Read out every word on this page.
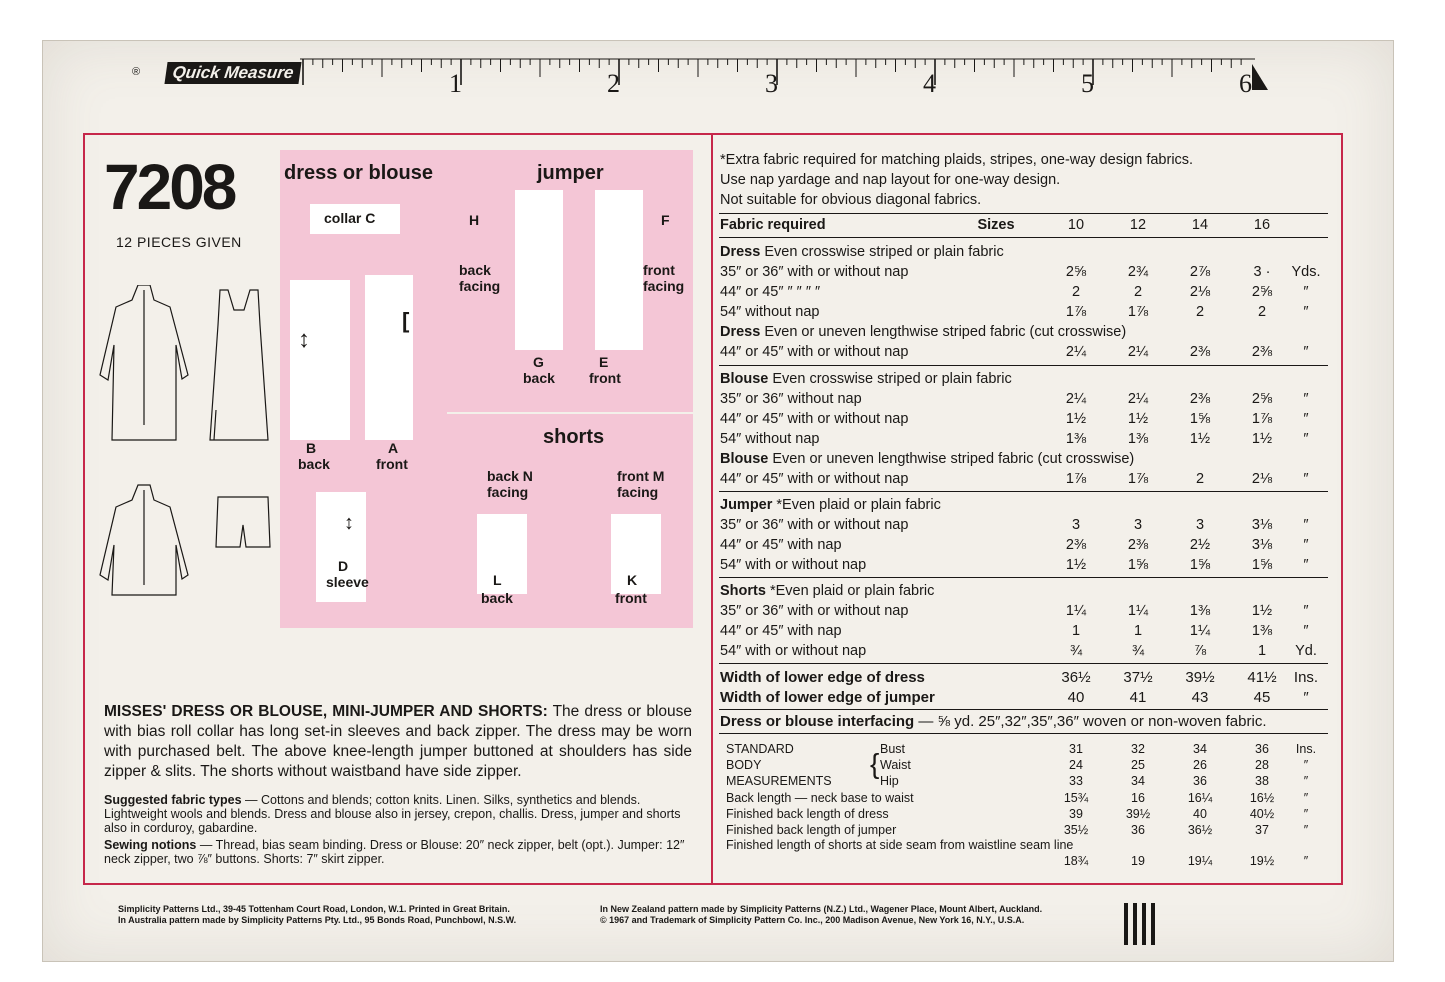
®	Quick Measure	1	2	3	4	5	6
7208
12 PIECES GIVEN
dress or blouse
collar C
↕
[
B
back
A
front
↕
D
sleeve
jumper
H	F
back
facing
front
facing
G
back
E
front
shorts
back N
facing
front M
facing
L
back
K
front
*Extra fabric required for matching plaids, stripes, one-way design fabrics.
Use nap yardage and nap layout for one-way design.
Not suitable for obvious diagonal fabrics.
Fabric required	Sizes	10	12	14	16
Dress Even crosswise striped or plain fabric
35″ or 36″ with or without nap	2⅝	2¾	2⅞	3 ·	Yds.
44″ or 45″ ″ ″ ″ ″	2	2	2⅛	2⅝	″
54″ without nap	1⅞	1⅞	2	2	″
Dress Even or uneven lengthwise striped fabric (cut crosswise)
44″ or 45″ with or without nap	2¼	2¼	2⅜	2⅜	″
Blouse Even crosswise striped or plain fabric
35″ or 36″ without nap	2¼	2¼	2⅜	2⅝	″
44″ or 45″ with or without nap	1½	1½	1⅝	1⅞	″
54″ without nap	1⅜	1⅜	1½	1½	″
Blouse Even or uneven lengthwise striped fabric (cut crosswise)
44″ or 45″ with or without nap	1⅞	1⅞	2	2⅛	″
Jumper *Even plaid or plain fabric
35″ or 36″ with or without nap	3	3	3	3⅛	″
44″ or 45″ with nap	2⅜	2⅜	2½	3⅛	″
54″ with or without nap	1½	1⅝	1⅝	1⅝	″
Shorts *Even plaid or plain fabric
35″ or 36″ with or without nap	1¼	1¼	1⅜	1½	″
44″ or 45″ with nap	1	1	1¼	1⅜	″
54″ with or without nap	¾	¾	⅞	1	Yd.
Width of lower edge of dress	36½	37½	39½	41½	Ins.
Width of lower edge of jumper	40	41	43	45	″
Dress or blouse interfacing — ⅝ yd. 25″,32″,35″,36″ woven or non-woven fabric.
STANDARD
BODY
MEASUREMENTS
{ Bust	31	32	34	36	Ins.
Waist	24	25	26	28	″
Hip	33	34	36	38	″
Back length — neck base to waist	15¾	16	16¼	16½	″
Finished back length of dress	39	39½	40	40½	″
Finished back length of jumper	35½	36	36½	37	″
Finished length of shorts at side seam from waistline seam line
18¾	19	19¼	19½	″
MISSES' DRESS OR BLOUSE, MINI-JUMPER AND SHORTS: The dress or blouse with bias roll collar has long set-in sleeves and back zipper. The dress may be worn with purchased belt. The above knee-length jumper buttoned at shoulders has side zipper & slits. The shorts without waistband have side zipper.
Suggested fabric types — Cottons and blends; cotton knits. Linen. Silks, synthetics and blends. Lightweight wools and blends. Dress and blouse also in jersey, crepon, challis. Dress, jumper and shorts also in corduroy, gabardine.
Sewing notions — Thread, bias seam binding. Dress or Blouse: 20″ neck zipper, belt (opt.). Jumper: 12″ neck zipper, two ⅞″ buttons. Shorts: 7″ skirt zipper.
Simplicity Patterns Ltd., 39-45 Tottenham Court Road, London, W.1. Printed in Great Britain.	In New Zealand pattern made by Simplicity Patterns (N.Z.) Ltd., Wagener Place, Mount Albert, Auckland.
In Australia pattern made by Simplicity Patterns Pty. Ltd., 95 Bonds Road, Punchbowl, N.S.W.	© 1967 and Trademark of Simplicity Pattern Co. Inc., 200 Madison Avenue, New York 16, N.Y., U.S.A.
